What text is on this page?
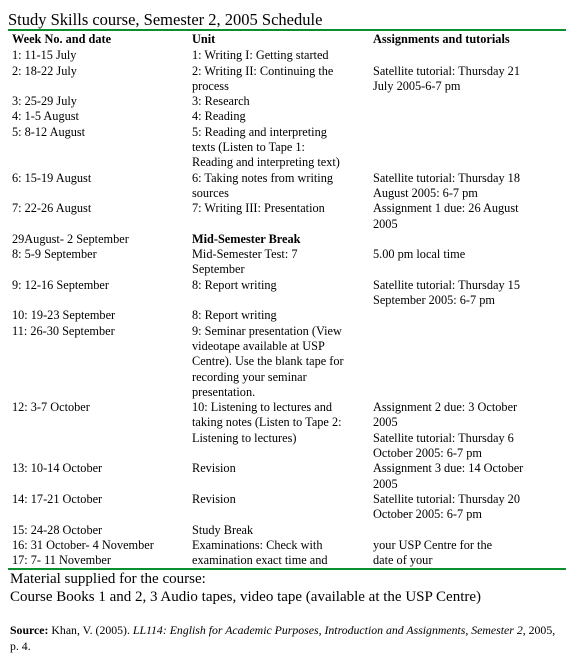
Study Skills course, Semester 2, 2005 Schedule

Week No. and date	Unit	Assignments and tutorials
1: 11-15 July	1: Writing I: Getting started	

2: 18-22 July	2: Writing II: Continuing the
process	Satellite tutorial: Thursday 21
July 2005-6-7 pm

3: 25-29 July	3: Research	

4: 1-5 August	4: Reading	

5: 8-12 August	5: Reading and interpreting
texts (Listen to Tape 1:
Reading and interpreting text)	

6: 15-19 August	6: Taking notes from writing
sources	Satellite tutorial: Thursday 18
August 2005: 6-7 pm

7: 22-26 August	7: Writing III: Presentation	Assignment 1 due: 26 August
2005

29August- 2 September	Mid-Semester Break	

8: 5-9 September	Mid-Semester Test: 7
September	5.00 pm local time

9: 12-16 September	8: Report writing	Satellite tutorial: Thursday 15
September 2005: 6-7 pm

10: 19-23 September	8: Report writing	

11: 26-30 September	9: Seminar presentation (View
videotape available at USP
Centre). Use the blank tape for
recording your seminar
presentation.	

12: 3-7 October	10: Listening to lectures and
taking notes (Listen to Tape 2:
Listening to lectures)	Assignment 2 due: 3 October
2005
Satellite tutorial: Thursday 6
October 2005: 6-7 pm

13: 10-14 October	Revision	Assignment 3 due: 14 October
2005

14: 17-21 October	Revision	Satellite tutorial: Thursday 20
October 2005: 6-7 pm

15: 24-28 October	Study Break	

16: 31 October- 4 November	Examinations: Check with	your USP Centre for the

17: 7- 11 November	examination exact time and	date of your

Material supplied for the course:

Course Books 1 and 2, 3 Audio tapes, video tape (available at the USP Centre)

Source: Khan, V. (2005). LL114: English for Academic Purposes, Introduction and Assignments, Semester 2, 2005, p. 4.
